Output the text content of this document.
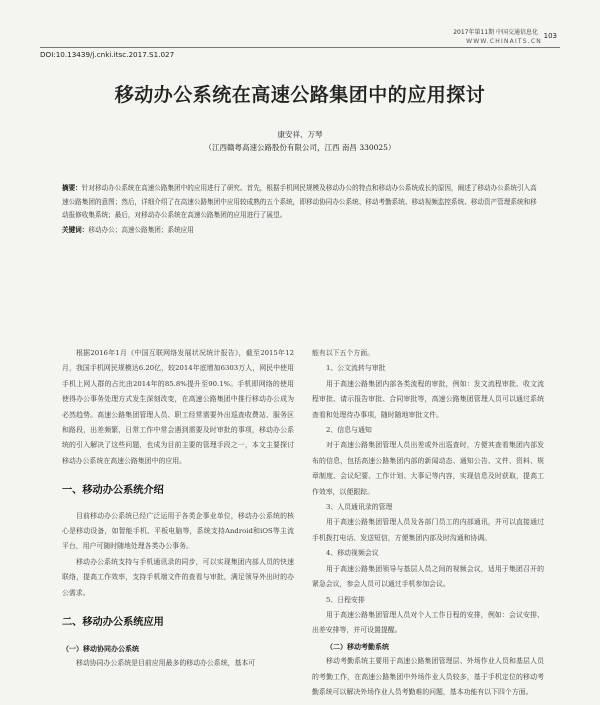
2017年第11期 中国交通信息化 103
WWW.CHINAITS.CN
DOI:10.13439/j.cnki.itsc.2017.S1.027
移动办公系统在高速公路集团中的应用探讨
康安祥、万琴
（江西赣粤高速公路股份有限公司，江西 南昌 330025）
摘要：针对移动办公系统在高速公路集团中的应用进行了研究。首先，根据手机网民规模及移动办公的特点和移动办公系统成长的原因，阐述了移动办公系统引入高速公路集团的意图；然后，详细介绍了在高速公路集团中应用较成熟的五个系统，即移动协同办公系统、移动考勤系统、移动视频监控系统、移动资产管理系统和移动报修收集系统；最后，对移动办公系统在高速公路集团的应用进行了展望。
关键词：移动办公；高速公路集团；系统应用

根据2016年1月《中国互联网络发展状况统计报告》，截至2015年12月，我国手机网民规模达6.20亿，较2014年底增加6303万人，网民中使用手机上网人群的占比由2014年的85.8%提升至90.1%。手机即网络的使用使得办公事务处理方式发生深刻改变，在高速公路集团中推行移动办公成为必然趋势。高速公路集团管理人员、职工经常需要外出巡查收费站、服务区和路段，出差频繁，日常工作中常会遇到需要及时审批的事项，移动办公系统的引入解决了这些问题，也成为目前主要的管理手段之一，本文主要探讨移动办公系统在高速公路集团中的应用。

一、移动办公系统介绍

目前移动办公系统已经广泛运用于各类企事业单位，移动办公系统的核心是移动设备，如智能手机、平板电脑等，系统支持Android和iOS等主流平台，用户可随时随地处理各类办公事务。

移动办公系统支持与手机通讯录的同步，可以实现集团内部人员的快速联络，提高工作效率，支持手机端文件的查看与审批，满足领导外出时的办公需求。

二、移动办公系统应用
（一）移动协同办公系统

移动协同办公系统是目前应用最多的移动办公系统，基本可

能有以下五个方面。

1、公文流转与审批

用于高速公路集团内部各类流程的审批，例如：发文流程审批、收文流程审批、请示报告审批、合同审批等，高速公路集团管理人员可以通过系统查看和处理待办事项，随时随地审批文件。

2、信息与通知

对于高速公路集团管理人员出差或外出巡查时，方便其查看集团内部发布的信息，包括高速公路集团内部的新闻动态、通知公告、文件、资料、规章制度、会议纪要、工作计划、大事记等内容，实现信息及时获取，提高工作效率，以便跟踪。

3、人员通讯录的管理

用于高速公路集团管理人员及各部门员工的内部通讯，并可以直接通过手机拨打电话、发送短信，方便集团内部及时沟通和协调。

4、移动视频会议

用于高速公路集团领导与基层人员之间的视频会议，适用于集团召开的紧急会议，参会人员可以通过手机参加会议。

5、日程安排

用于高速公路集团管理人员对个人工作日程的安排，例如：会议安排、出差安排等，并可设置提醒。

（二）移动考勤系统

移动考勤系统主要用于高速公路集团管理层、外场作业人员和基层人员的考勤工作，在高速公路集团中外场作业人员较多，基于手机定位的移动考勤系统可以解决外场作业人员考勤难的问题，基本功能有以下四个方面。
